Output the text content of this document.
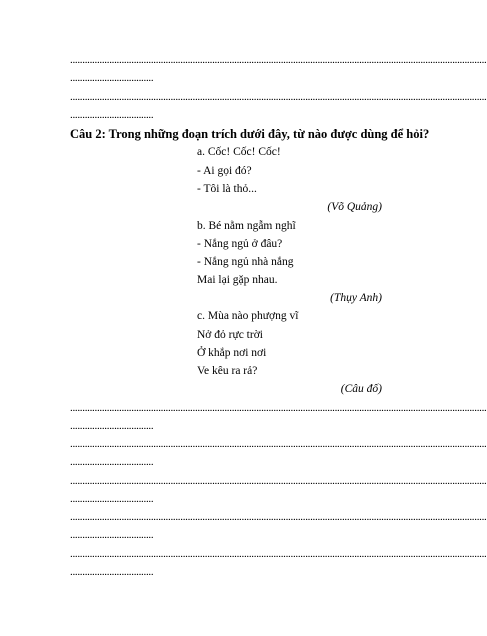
..........................................................................................................................................................................
..................................
..........................................................................................................................................................................
..................................
Câu 2: Trong những đoạn trích dưới đây, từ nào được dùng để hỏi?
a. Cốc! Cốc! Cốc!
- Ai gọi đó?
- Tôi là thỏ...
(Võ Quảng)
b. Bé nằm ngẫm nghĩ
- Nắng ngủ ở đâu?
- Nắng ngủ nhà nắng
Mai lại gặp nhau.
(Thụy Anh)
c. Mùa nào phượng vĩ
Nở đỏ rực trời
Ở khắp nơi nơi
Ve kêu ra rả?
(Câu đố)
..........................................................................................................................................................................
..................................
..........................................................................................................................................................................
..................................
..........................................................................................................................................................................
..................................
..........................................................................................................................................................................
..................................
..........................................................................................................................................................................
..................................
